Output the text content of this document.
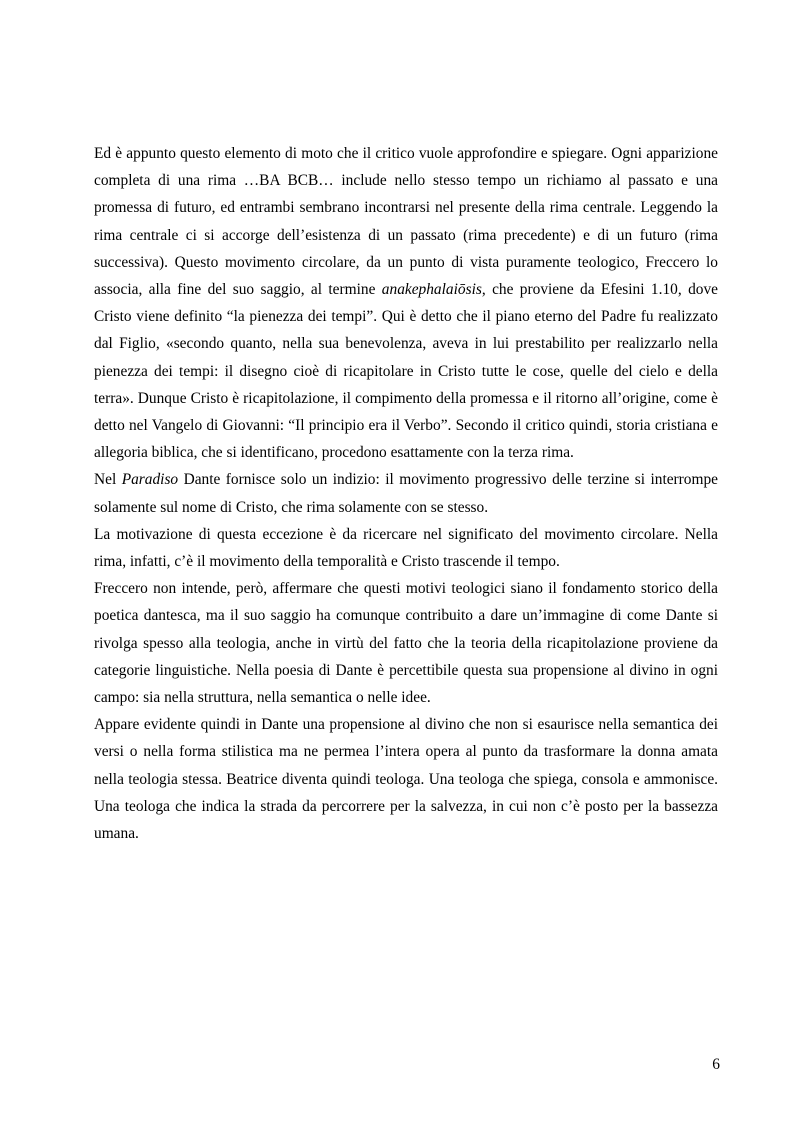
Ed è appunto questo elemento di moto che il critico vuole approfondire e spiegare. Ogni apparizione completa di una rima …BA BCB… include nello stesso tempo un richiamo al passato e una promessa di futuro, ed entrambi sembrano incontrarsi nel presente della rima centrale. Leggendo la rima centrale ci si accorge dell’esistenza di un passato (rima precedente) e di un futuro (rima successiva). Questo movimento circolare, da un punto di vista puramente teologico, Freccero lo associa, alla fine del suo saggio, al termine anakephalaiōsis, che proviene da Efesini 1.10, dove Cristo viene definito “la pienezza dei tempi”. Qui è detto che il piano eterno del Padre fu realizzato dal Figlio, «secondo quanto, nella sua benevolenza, aveva in lui prestabilito per realizzarlo nella pienezza dei tempi: il disegno cioè di ricapitolare in Cristo tutte le cose, quelle del cielo e della terra». Dunque Cristo è ricapitolazione, il compimento della promessa e il ritorno all’origine, come è detto nel Vangelo di Giovanni: “Il principio era il Verbo”. Secondo il critico quindi, storia cristiana e allegoria biblica, che si identificano, procedono esattamente con la terza rima.

Nel Paradiso Dante fornisce solo un indizio: il movimento progressivo delle terzine si interrompe solamente sul nome di Cristo, che rima solamente con se stesso.

La motivazione di questa eccezione è da ricercare nel significato del movimento circolare. Nella rima, infatti, c’è il movimento della temporalità e Cristo trascende il tempo.

Freccero non intende, però, affermare che questi motivi teologici siano il fondamento storico della poetica dantesca, ma il suo saggio ha comunque contribuito a dare un’immagine di come Dante si rivolga spesso alla teologia, anche in virtù del fatto che la teoria della ricapitolazione proviene da categorie linguistiche. Nella poesia di Dante è percettibile questa sua propensione al divino in ogni campo: sia nella struttura, nella semantica o nelle idee.

Appare evidente quindi in Dante una propensione al divino che non si esaurisce nella semantica dei versi o nella forma stilistica ma ne permea l’intera opera al punto da trasformare la donna amata nella teologia stessa. Beatrice diventa quindi teologa. Una teologa che spiega, consola e ammonisce. Una teologa che indica la strada da percorrere per la salvezza, in cui non c’è posto per la bassezza umana.

6
